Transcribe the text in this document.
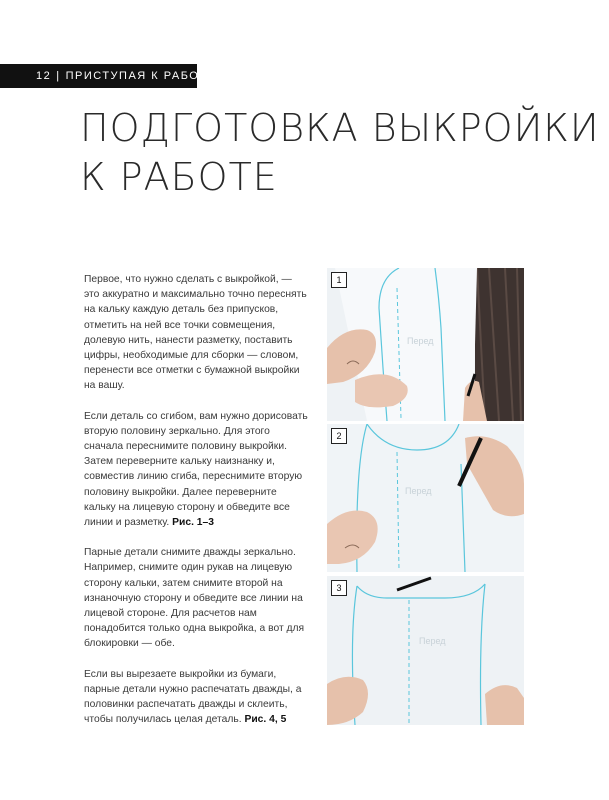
12 | ПРИСТУПАЯ К РАБОТЕ
ПОДГОТОВКА ВЫКРОЙКИ
К РАБОТЕ

Первое, что нужно сделать с выкройкой, — это аккуратно и максимально точно переснять на кальку каждую деталь без припусков, отметить на ней все точки совмещения, долевую нить, нанести разметку, поставить цифры, необходимые для сборки — словом, перенести все отметки с бумажной выкройки на вашу.

Если деталь со сгибом, вам нужно дорисовать вторую половину зеркально. Для этого сначала переснимите половину выкройки. Затем переверните кальку наизнанку и, совместив линию сгиба, переснимите вторую половину выкройки. Далее переверните кальку на лицевую сторону и обведите все линии и разметку. Рис. 1–3

Парные детали снимите дважды зеркально. Например, снимите один рукав на лицевую сторону кальки, затем снимите второй на изнаночную сторону и обведите все линии на лицевой стороне. Для расчетов нам понадобится только одна выкройка, а вот для блокировки — обе.

Если вы вырезаете выкройки из бумаги, парные детали нужно распечатать дважды, а половинки распечатать дважды и склеить, чтобы получилась целая деталь. Рис. 4, 5

Перед
1
Перед
2
Перед
3
